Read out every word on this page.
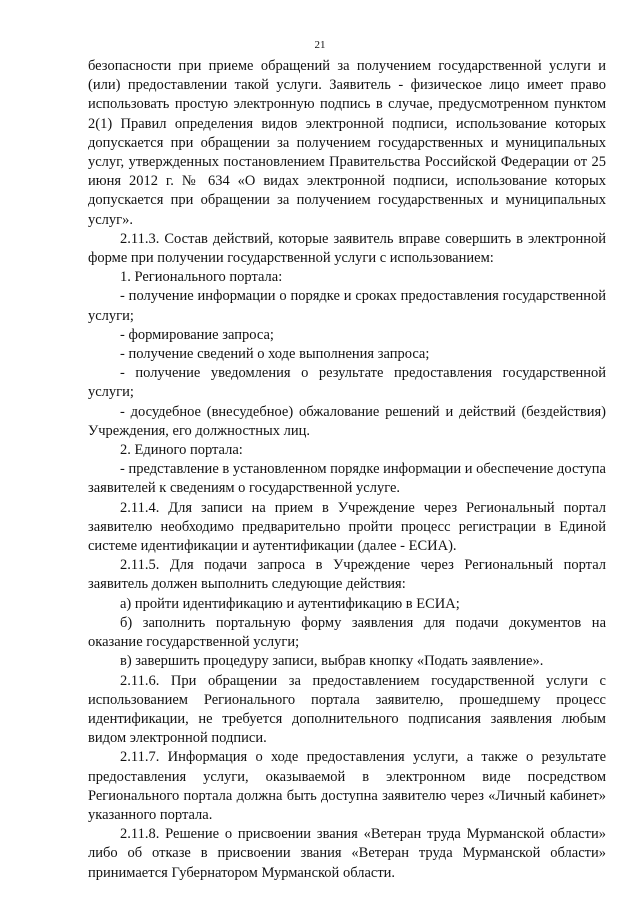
21

безопасности при приеме обращений за получением государственной услуги и (или) предоставлении такой услуги. Заявитель - физическое лицо имеет право использовать простую электронную подпись в случае, предусмотренном пунктом 2(1) Правил определения видов электронной подписи, использование которых допускается при обращении за получением государственных и муниципальных услуг, утвержденных постановлением Правительства Российской Федерации от 25 июня 2012 г. № 634 «О видах электронной подписи, использование которых допускается при обращении за получением государственных и муниципальных услуг».

2.11.3. Состав действий, которые заявитель вправе совершить в электронной форме при получении государственной услуги с использованием:

1. Регионального портала:

- получение информации о порядке и сроках предоставления государственной услуги;

- формирование запроса;

- получение сведений о ходе выполнения запроса;

- получение уведомления о результате предоставления государственной услуги;

- досудебное (внесудебное) обжалование решений и действий (бездействия) Учреждения, его должностных лиц.

2. Единого портала:

- представление в установленном порядке информации и обеспечение доступа заявителей к сведениям о государственной услуге.

2.11.4. Для записи на прием в Учреждение через Региональный портал заявителю необходимо предварительно пройти процесс регистрации в Единой системе идентификации и аутентификации (далее - ЕСИА).

2.11.5. Для подачи запроса в Учреждение через Региональный портал заявитель должен выполнить следующие действия:

а) пройти идентификацию и аутентификацию в ЕСИА;

б) заполнить портальную форму заявления для подачи документов на оказание государственной услуги;

в) завершить процедуру записи, выбрав кнопку «Подать заявление».

2.11.6. При обращении за предоставлением государственной услуги с использованием Регионального портала заявителю, прошедшему процесс идентификации, не требуется дополнительного подписания заявления любым видом электронной подписи.

2.11.7. Информация о ходе предоставления услуги, а также о результате предоставления услуги, оказываемой в электронном виде посредством Регионального портала должна быть доступна заявителю через «Личный кабинет» указанного портала.

2.11.8. Решение о присвоении звания «Ветеран труда Мурманской области» либо об отказе в присвоении звания «Ветеран труда Мурманской области» принимается Губернатором Мурманской области.
